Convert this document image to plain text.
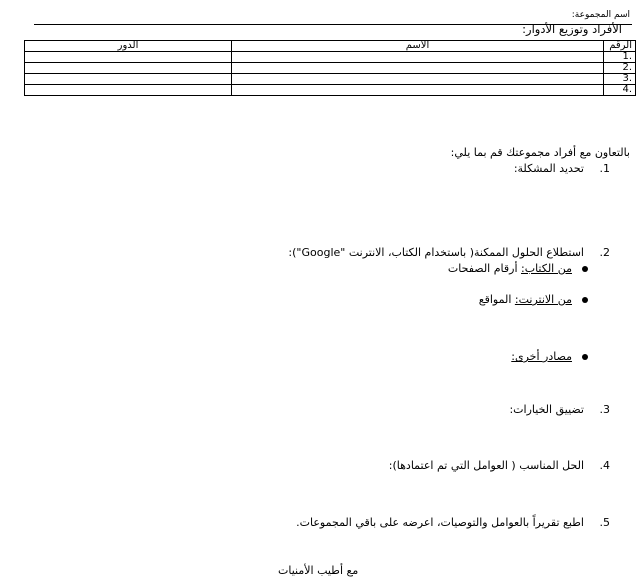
اسم المجموعة:
الأفراد وتوزيع الأدوار:
الرقم	الاسم	الدور
.1		
.2		
.3		
.4		
بالتعاون مع أفراد مجموعتك قم بما يلي:
1.تحديد المشكلة:
2.استطلاع الحلول الممكنة( باستخدام الكتاب، الانترنت "Google"):
من الكتاب: أرقام الصفحات
من الانترنت: المواقع
مصادر أخرى:
3.تضييق الخيارات:
4.الحل المناسب ( العوامل التي تم اعتمادها):
5.اطبع تقريراً بالعوامل والتوصيات، اعرضه على باقي المجموعات.
مع أطيب الأمنيات
